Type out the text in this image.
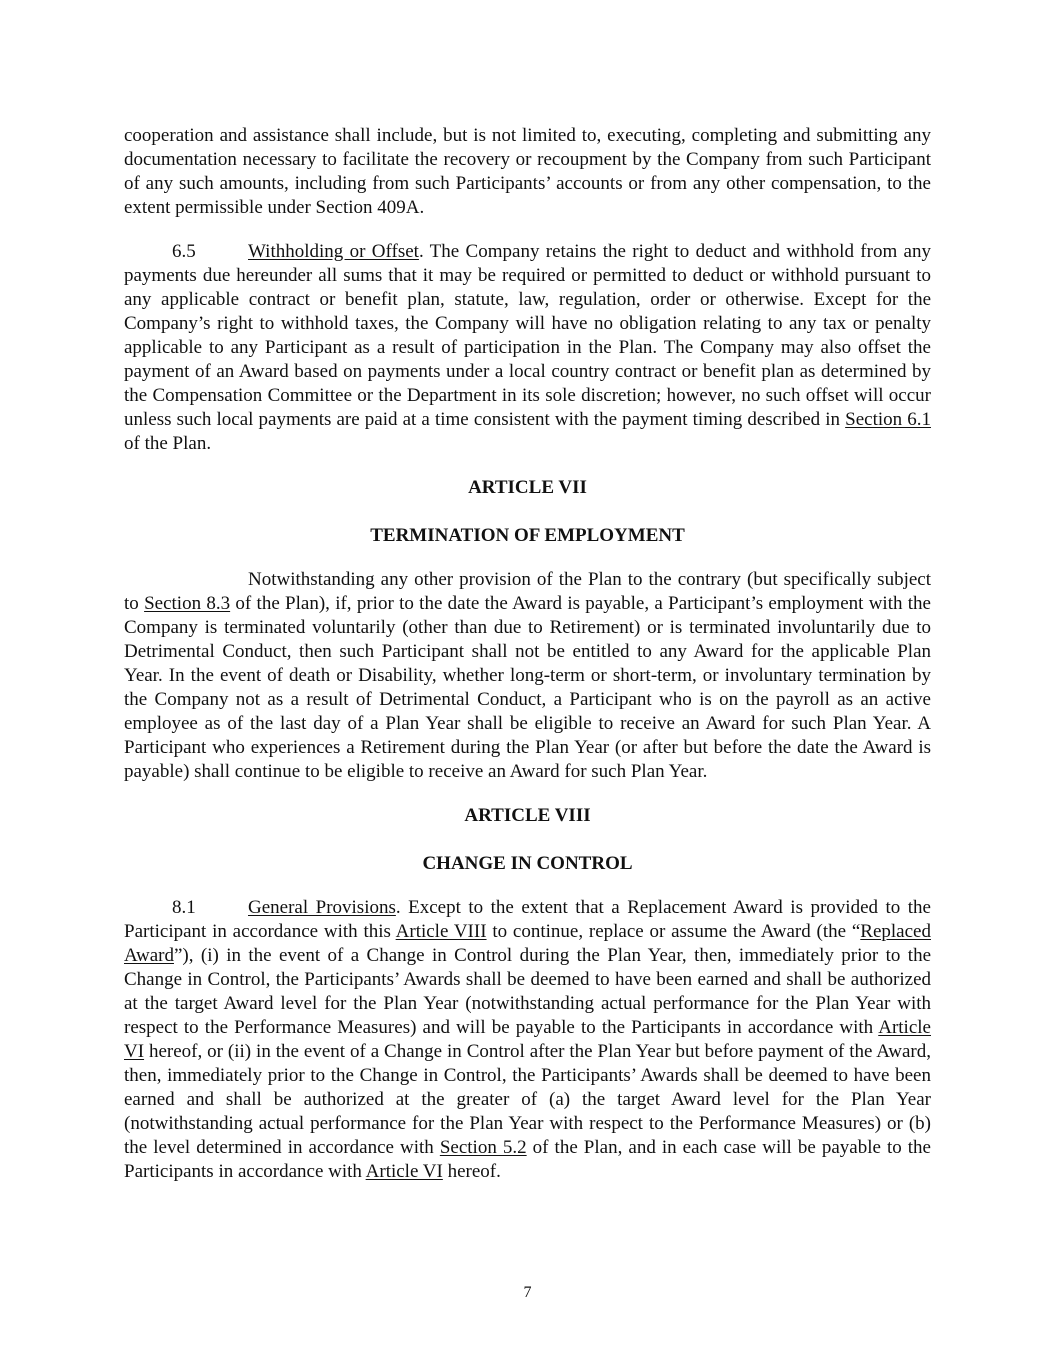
cooperation and assistance shall include, but is not limited to, executing, completing and submitting any documentation necessary to facilitate the recovery or recoupment by the Company from such Participant of any such amounts, including from such Participants’ accounts or from any other compensation, to the extent permissible under Section 409A.

6.5	Withholding or Offset. The Company retains the right to deduct and withhold from any payments due hereunder all sums that it may be required or permitted to deduct or withhold pursuant to any applicable contract or benefit plan, statute, law, regulation, order or otherwise. Except for the Company’s right to withhold taxes, the Company will have no obligation relating to any tax or penalty applicable to any Participant as a result of participation in the Plan. The Company may also offset the payment of an Award based on payments under a local country contract or benefit plan as determined by the Compensation Committee or the Department in its sole discretion; however, no such offset will occur unless such local payments are paid at a time consistent with the payment timing described in Section 6.1 of the Plan.

ARTICLE VII
TERMINATION OF EMPLOYMENT

Notwithstanding any other provision of the Plan to the contrary (but specifically subject to Section 8.3 of the Plan), if, prior to the date the Award is payable, a Participant’s employment with the Company is terminated voluntarily (other than due to Retirement) or is terminated involuntarily due to Detrimental Conduct, then such Participant shall not be entitled to any Award for the applicable Plan Year. In the event of death or Disability, whether long-term or short-term, or involuntary termination by the Company not as a result of Detrimental Conduct, a Participant who is on the payroll as an active employee as of the last day of a Plan Year shall be eligible to receive an Award for such Plan Year. A Participant who experiences a Retirement during the Plan Year (or after but before the date the Award is payable) shall continue to be eligible to receive an Award for such Plan Year.

ARTICLE VIII
CHANGE IN CONTROL

8.1	General Provisions. Except to the extent that a Replacement Award is provided to the Participant in accordance with this Article VIII to continue, replace or assume the Award (the “Replaced Award”), (i) in the event of a Change in Control during the Plan Year, then, immediately prior to the Change in Control, the Participants’ Awards shall be deemed to have been earned and shall be authorized at the target Award level for the Plan Year (notwithstanding actual performance for the Plan Year with respect to the Performance Measures) and will be payable to the Participants in accordance with Article VI hereof, or (ii) in the event of a Change in Control after the Plan Year but before payment of the Award, then, immediately prior to the Change in Control, the Participants’ Awards shall be deemed to have been earned and shall be authorized at the greater of (a) the target Award level for the Plan Year (notwithstanding actual performance for the Plan Year with respect to the Performance Measures) or (b) the level determined in accordance with Section 5.2 of the Plan, and in each case will be payable to the Participants in accordance with Article VI hereof.

7
